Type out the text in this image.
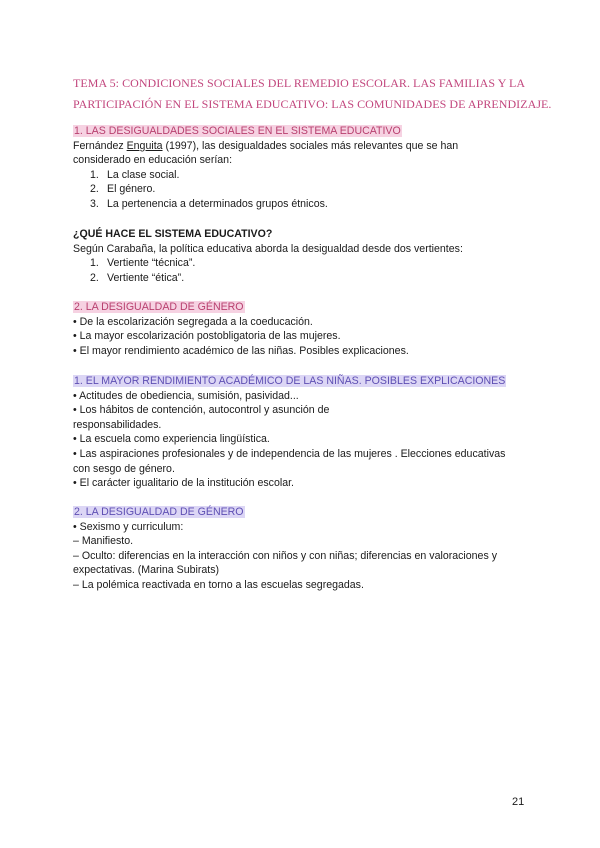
TEMA 5: CONDICIONES SOCIALES DEL REMEDIO ESCOLAR. LAS FAMILIAS Y LA
PARTICIPACIÓN EN EL SISTEMA EDUCATIVO: LAS COMUNIDADES DE APRENDIZAJE.
1. LAS DESIGUALDADES SOCIALES EN EL SISTEMA EDUCATIVO
Fernández Enguita (1997), las desigualdades sociales más relevantes que se han
considerado en educación serían:
1. La clase social.
2. El género.
3. La pertenencia a determinados grupos étnicos.
¿QUÉ HACE EL SISTEMA EDUCATIVO?
Según Carabaña, la política educativa aborda la desigualdad desde dos vertientes:
1. Vertiente “técnica”.
2. Vertiente “ética”.
2. LA DESIGUALDAD DE GÉNERO
• De la escolarización segregada a la coeducación.
• La mayor escolarización postobligatoria de las mujeres.
• El mayor rendimiento académico de las niñas. Posibles explicaciones.
1. EL MAYOR RENDIMIENTO ACADÉMICO DE LAS NIÑAS. POSIBLES EXPLICACIONES
• Actitudes de obediencia, sumisión, pasividad...
• Los hábitos de contención, autocontrol y asunción de
responsabilidades.
• La escuela como experiencia lingüística.
• Las aspiraciones profesionales y de independencia de las mujeres . Elecciones educativas
con sesgo de género.
• El carácter igualitario de la institución escolar.
2. LA DESIGUALDAD DE GÉNERO
• Sexismo y curriculum:
– Manifiesto.
– Oculto: diferencias en la interacción con niños y con niñas; diferencias en valoraciones y
expectativas. (Marina Subirats)
– La polémica reactivada en torno a las escuelas segregadas.
21
